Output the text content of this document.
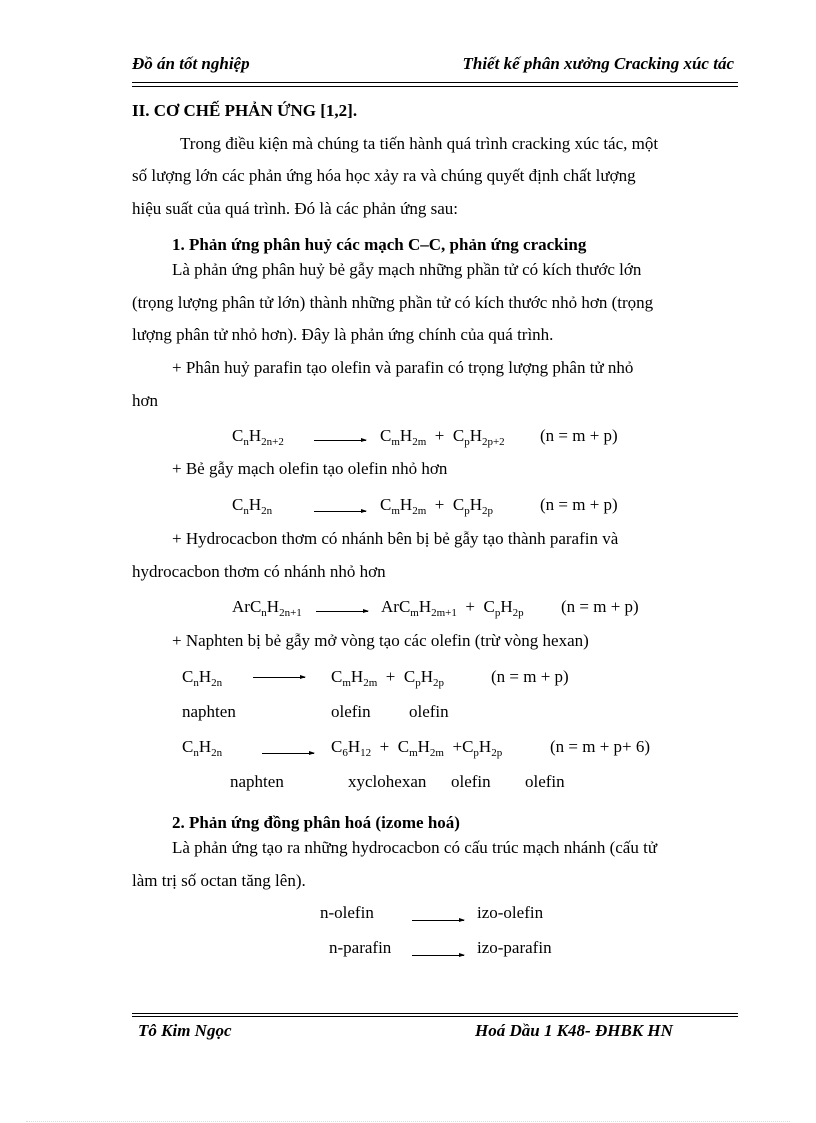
Đồ án tốt nghiệp	Thiết kế phân xưởng Cracking xúc tác
II. CƠ CHẾ PHẢN ỨNG [1,2].
Trong điều kiện mà chúng ta tiến hành quá trình cracking xúc tác, một
số lượng lớn các phản ứng hóa học xảy ra và chúng quyết định chất lượng
hiệu suất của quá trình. Đó là các phản ứng sau:
1. Phản ứng phân huỷ các mạch C–C, phản ứng cracking
Là phản ứng phân huỷ bẻ gẫy mạch những phần tử có kích thước lớn
(trọng lượng phân tử lớn) thành những phần tử có kích thước nhỏ hơn (trọng
lượng phân tử nhỏ hơn). Đây là phản ứng chính của quá trình.
+ Phân huỷ parafin tạo olefin và parafin có trọng lượng phân tử nhỏ
hơn
$C_nH_{2n+2}$	$C_mH_{2m} + C_pH_{2p+2}$ (n = m + p)
+ Bẻ gẫy mạch olefin tạo olefin nhỏ hơn
$C_nH_{2n}$	$C_mH_{2m} + C_pH_{2p}$	(n = m + p)
+ Hydrocacbon thơm có nhánh bên bị bẻ gẫy tạo thành parafin và
hydrocacbon thơm có nhánh nhỏ hơn
$ArC_nH_{2n+1}$	$ArC_mH_{2m+1} + C_pH_{2p}$ (n = m + p)
+ Naphten bị bẻ gẫy mở vòng tạo các olefin (trừ vòng hexan)
$C_nH_{2n}$	$C_mH_{2m} + C_pH_{2p}$	(n = m + p)
naphten	olefin olefin
$C_nH_{2n}$	$C_6H_{12} + C_mH_{2m} +C_pH_{2p}$	(n = m + p+ 6)
naphten	xyclohexan olefin olefin
2. Phản ứng đồng phân hoá (izome hoá)
Là phản ứng tạo ra những hydrocacbon có cấu trúc mạch nhánh (cấu tử
làm trị số octan tăng lên).
n-olefin	izo-olefin
n-parafin	izo-parafin
Tô Kim Ngọc	Hoá Dầu 1 K48- ĐHBK HN
